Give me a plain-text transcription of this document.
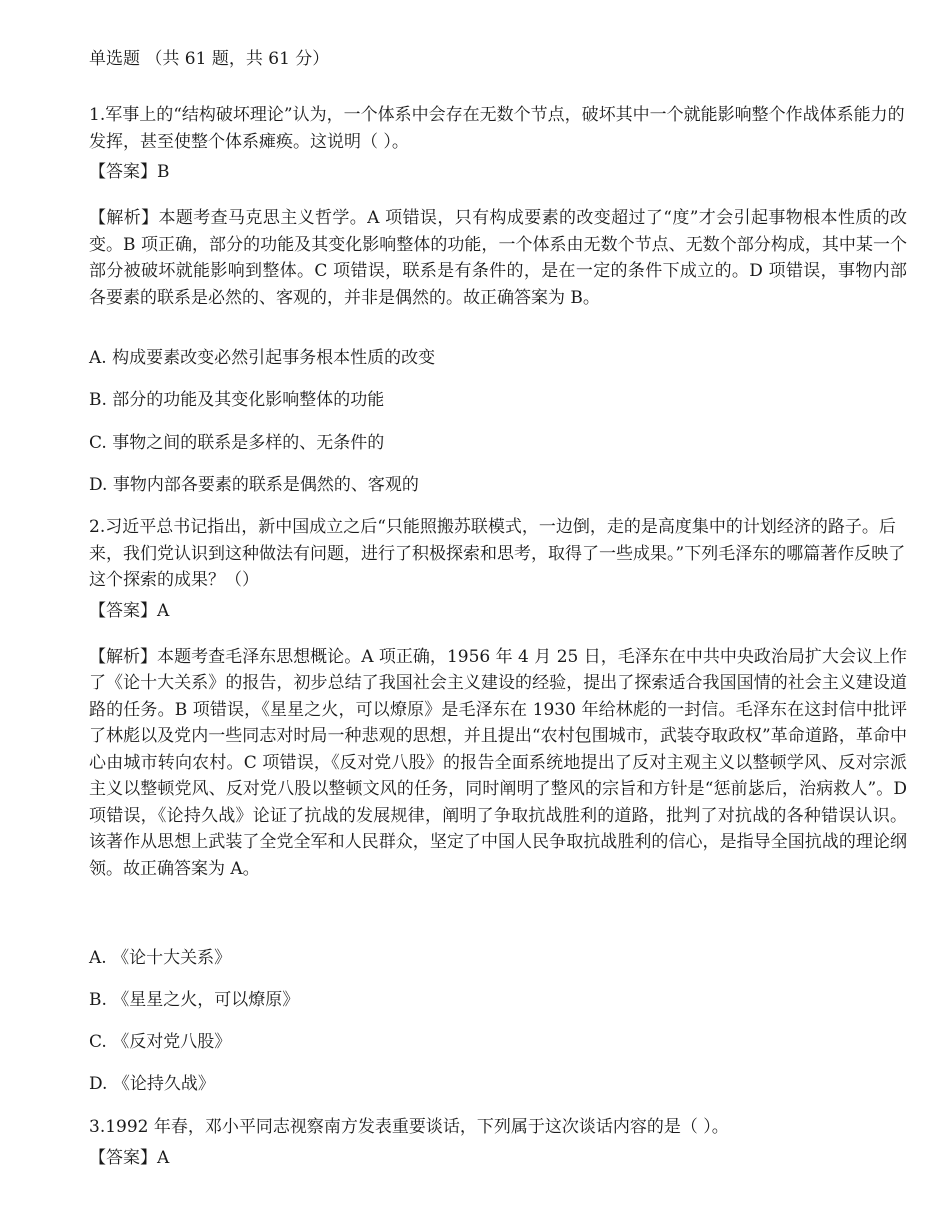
单选题 （共 61 题，共 61 分）

1.军事上的“结构破坏理论”认为，一个体系中会存在无数个节点，破坏其中一个就能影响整个作战体系能力的发挥，甚至使整个体系瘫痪。这说明（ ）。

【答案】B

【解析】本题考查马克思主义哲学。A 项错误，只有构成要素的改变超过了“度”才会引起事物根本性质的改变。B 项正确，部分的功能及其变化影响整体的功能，一个体系由无数个节点、无数个部分构成，其中某一个部分被破坏就能影响到整体。C 项错误，联系是有条件的，是在一定的条件下成立的。D 项错误，事物内部各要素的联系是必然的、客观的，并非是偶然的。故正确答案为 B。

A. 构成要素改变必然引起事务根本性质的改变
B. 部分的功能及其变化影响整体的功能
C. 事物之间的联系是多样的、无条件的
D. 事物内部各要素的联系是偶然的、客观的

2.习近平总书记指出，新中国成立之后“只能照搬苏联模式，一边倒，走的是高度集中的计划经济的路子。后来，我们党认识到这种做法有问题，进行了积极探索和思考，取得了一些成果。”下列毛泽东的哪篇著作反映了这个探索的成果？（）

【答案】A

【解析】本题考查毛泽东思想概论。A 项正确，1956 年 4 月 25 日，毛泽东在中共中央政治局扩大会议上作了《论十大关系》的报告，初步总结了我国社会主义建设的经验，提出了探索适合我国国情的社会主义建设道路的任务。B 项错误，《星星之火，可以燎原》是毛泽东在 1930 年给林彪的一封信。毛泽东在这封信中批评了林彪以及党内一些同志对时局一种悲观的思想，并且提出“农村包围城市，武装夺取政权”革命道路，革命中心由城市转向农村。C 项错误，《反对党八股》的报告全面系统地提出了反对主观主义以整顿学风、反对宗派主义以整顿党风、反对党八股以整顿文风的任务，同时阐明了整风的宗旨和方针是“惩前毖后，治病救人”。D 项错误，《论持久战》论证了抗战的发展规律，阐明了争取抗战胜利的道路，批判了对抗战的各种错误认识。该著作从思想上武装了全党全军和人民群众，坚定了中国人民争取抗战胜利的信心，是指导全国抗战的理论纲领。故正确答案为 A。

A. 《论十大关系》
B. 《星星之火，可以燎原》
C. 《反对党八股》
D. 《论持久战》

3.1992 年春，邓小平同志视察南方发表重要谈话，下列属于这次谈话内容的是（ ）。

【答案】A
